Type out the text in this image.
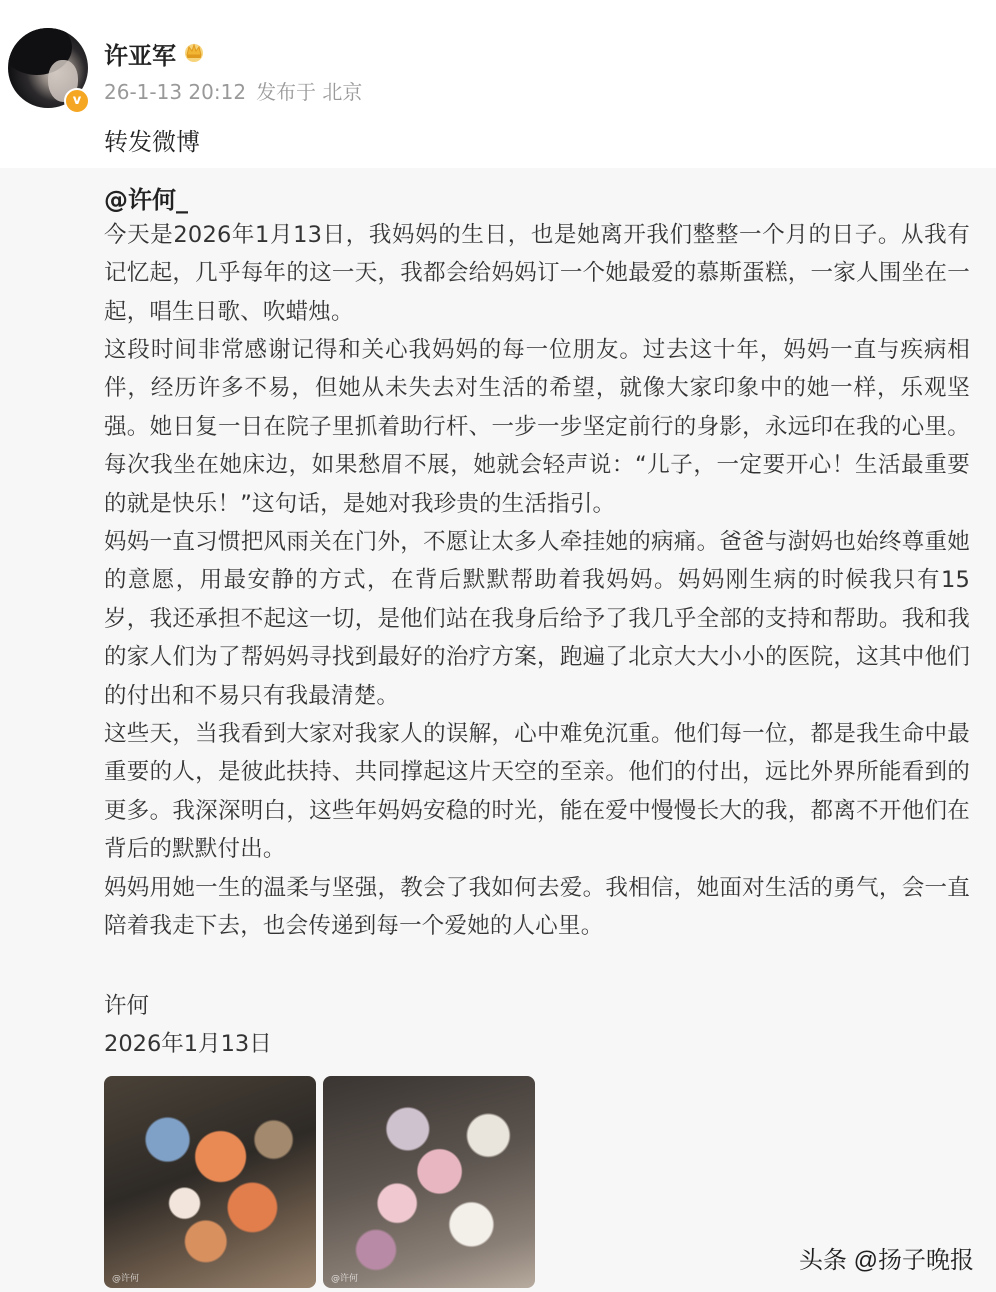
v
许亚军
26-1-13 20:12 发布于 北京
转发微博
@许何_

今天是2026年1月13日，我妈妈的生日，也是她离开我们整整一个月的日子。从我有记忆起，几乎每年的这一天，我都会给妈妈订一个她最爱的慕斯蛋糕，一家人围坐在一起，唱生日歌、吹蜡烛。

这段时间非常感谢记得和关心我妈妈的每一位朋友。过去这十年，妈妈一直与疾病相伴，经历许多不易，但她从未失去对生活的希望，就像大家印象中的她一样，乐观坚强。她日复一日在院子里抓着助行杆、一步一步坚定前行的身影，永远印在我的心里。每次我坐在她床边，如果愁眉不展，她就会轻声说：“儿子，一定要开心！生活最重要的就是快乐！”这句话，是她对我珍贵的生活指引。

妈妈一直习惯把风雨关在门外，不愿让太多人牵挂她的病痛。爸爸与澍妈也始终尊重她的意愿，用最安静的方式，在背后默默帮助着我妈妈。妈妈刚生病的时候我只有15岁，我还承担不起这一切，是他们站在我身后给予了我几乎全部的支持和帮助。我和我的家人们为了帮妈妈寻找到最好的治疗方案，跑遍了北京大大小小的医院，这其中他们的付出和不易只有我最清楚。

这些天，当我看到大家对我家人的误解，心中难免沉重。他们每一位，都是我生命中最重要的人，是彼此扶持、共同撑起这片天空的至亲。他们的付出，远比外界所能看到的更多。我深深明白，这些年妈妈安稳的时光，能在爱中慢慢长大的我，都离不开他们在背后的默默付出。

妈妈用她一生的温柔与坚强，教会了我如何去爱。我相信，她面对生活的勇气，会一直陪着我走下去，也会传递到每一个爱她的人心里。

许何
2026年1月13日
@许何	@许何
头条 @扬子晚报
